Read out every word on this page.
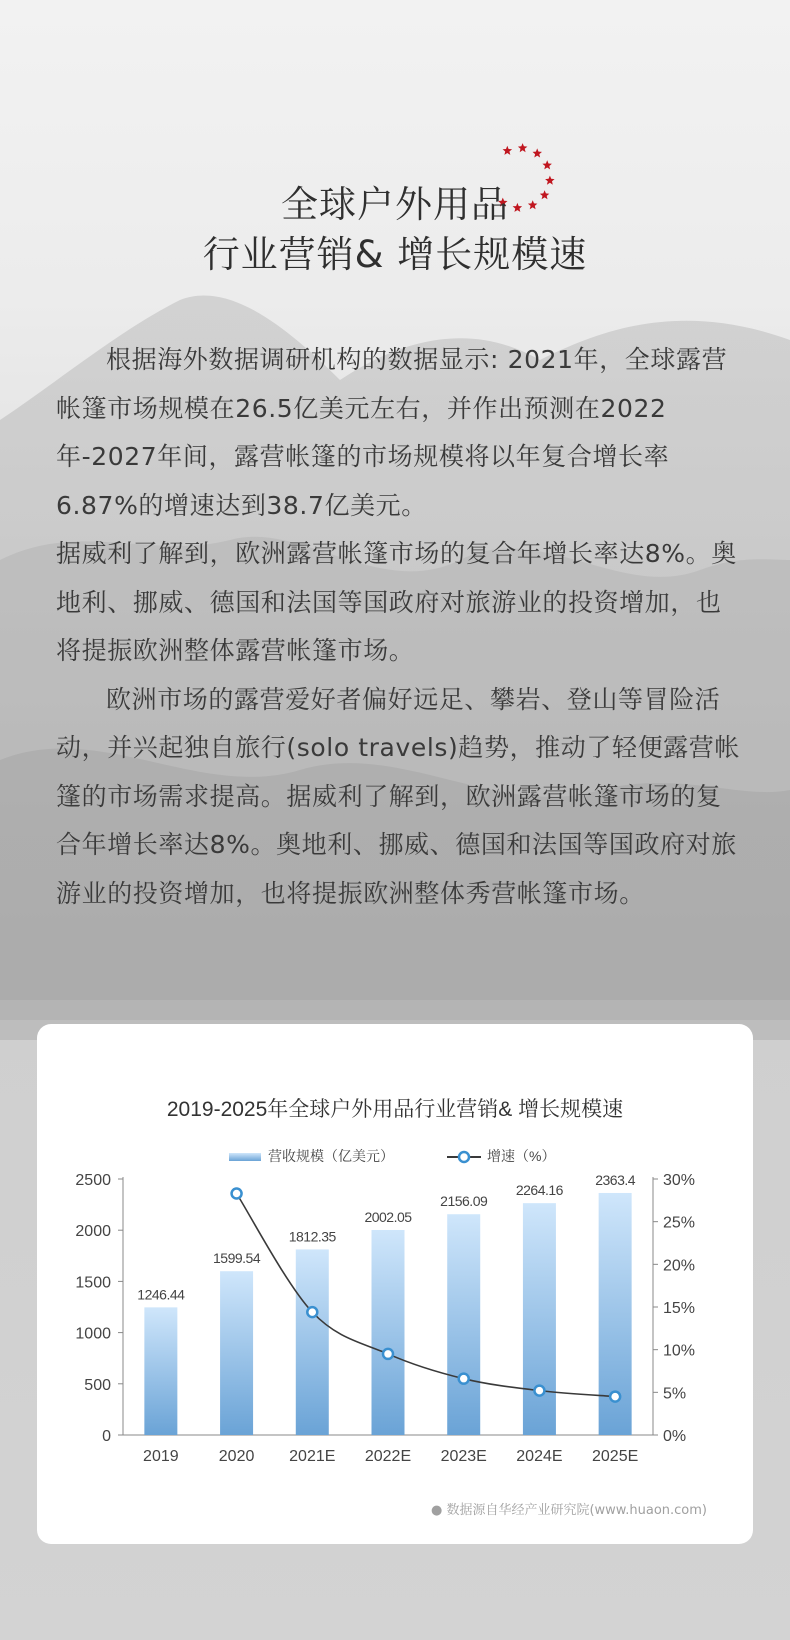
全球户外用品
行业营销& 增长规模速

根据海外数据调研机构的数据显示: 2021年，全球露营帐篷市场规模在26.5亿美元左右，并作出预测在2022年-2027年间，露营帐篷的市场规模将以年复合增长率6.87%的增速达到38.7亿美元。

据威利了解到，欧洲露营帐篷市场的复合年增长率达8%。奥地利、挪威、德国和法国等国政府对旅游业的投资增加，也将提振欧洲整体露营帐篷市场。

欧洲市场的露营爱好者偏好远足、攀岩、登山等冒险活动，并兴起独自旅行(solo travels)趋势，推动了轻便露营帐篷的市场需求提高。据威利了解到，欧洲露营帐篷市场的复合年增长率达8%。奥地利、挪威、德国和法国等国政府对旅游业的投资增加，也将提振欧洲整体秀营帐篷市场。

2019-2025年全球户外用品行业营销& 增长规模速
营收规模（亿美元）	增速（%）
0
500
1000
1500
2000
2500
0%
5%
10%
15%
20%
25%
30%
1246.44
2019
1599.54
2020
1812.35
2021E
2002.05
2022E
2156.09
2023E
2264.16
2024E
2363.4
2025E
● 数据源自华经产业研究院(www.huaon.com)
